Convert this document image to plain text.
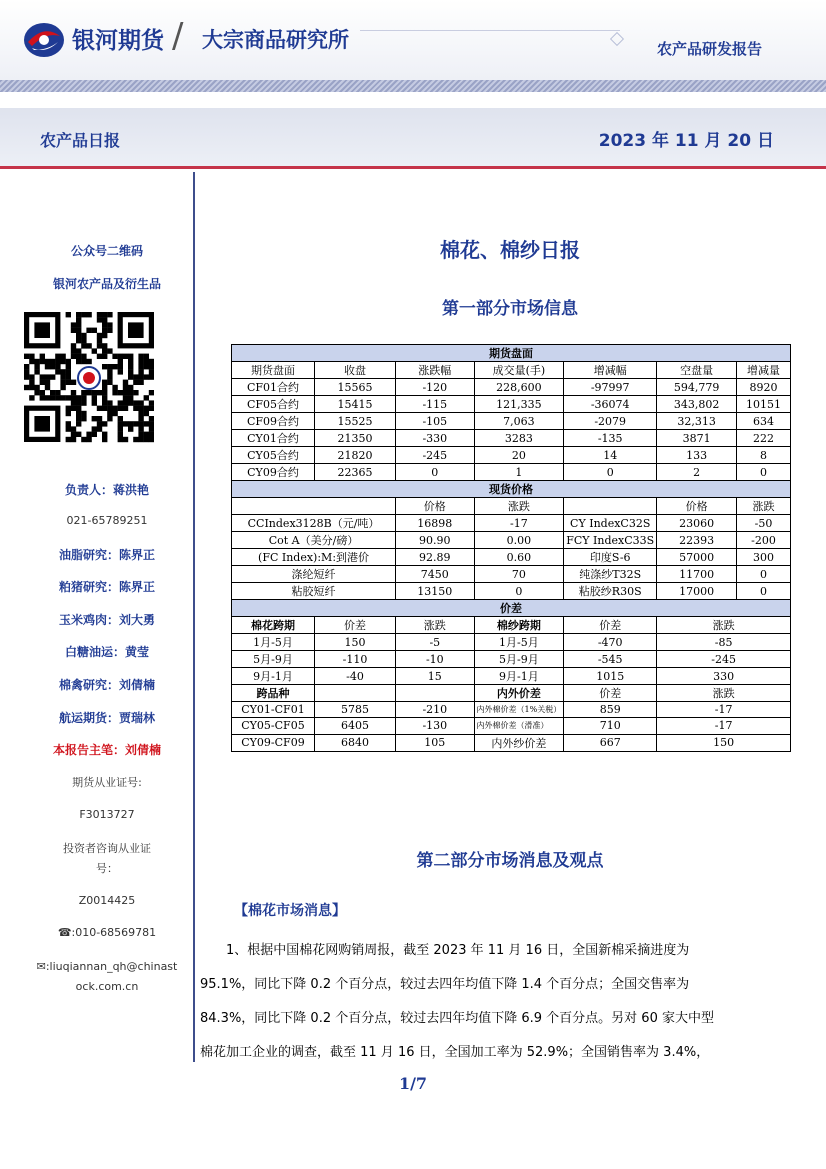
银河期货 / 大宗商品研究所	农产品研发报告
农产品日报	2023 年 11 月 20 日
公众号二维码
银河农产品及衍生品
负责人：蒋洪艳
021-65789251
油脂研究：陈界正
粕猪研究：陈界正
玉米鸡肉：刘大勇
白糖油运：黄莹
棉禽研究：刘倩楠
航运期货：贾瑞林
本报告主笔：刘倩楠
期货从业证号:
F3013727
投资者咨询从业证
号：
Z0014425
☎:010-68569781
✉:liuqiannan_qh@chinast
ock.com.cn
棉花、棉纱日报
第一部分市场信息
期货盘面						
期货盘面	收盘	涨跌幅	成交量(手)	增减幅	空盘量	增减量
CF01合约	15565	-120	228,600	-97997	594,779	8920
CF05合约	15415	-115	121,335	-36074	343,802	10151
CF09合约	15525	-105	7,063	-2079	32,313	634
CY01合约	21350	-330	3283	-135	3871	222
CY05合约	21820	-245	20	14	133	8
CY09合约	22365	0	1	0	2	0
现货价格						
		价格	涨跌		价格	涨跌
CCIndex3128B（元/吨）		16898	-17	CY IndexC32S	23060	-50
Cot A（美分/磅）		90.90	0.00	FCY IndexC33S	22393	-200
(FC Index):M:到港价		92.89	0.60	印度S-6	57000	300
涤纶短纤		7450	70	纯涤纱T32S	11700	0
粘胶短纤		13150	0	粘胶纱R30S	17000	0
价差						
棉花跨期	价差	涨跌	棉纱跨期	价差	涨跌	
1月-5月	150	-5	1月-5月	-470	-85	
5月-9月	-110	-10	5月-9月	-545	-245	
9月-1月	-40	15	9月-1月	1015	330	
跨品种			内外价差	价差	涨跌	
CY01-CF01	5785	-210	内外棉价差（1%关税）	859	-17	
CY05-CF05	6405	-130	内外棉价差（滑准）	710	-17	
CY09-CF09	6840	105	内外纱价差	667	150	
第二部分市场消息及观点
【棉花市场消息】
1、根据中国棉花网购销周报，截至 2023 年 11 月 16 日，全国新棉采摘进度为
95.1%，同比下降 0.2 个百分点，较过去四年均值下降 1.4 个百分点；全国交售率为
84.3%，同比下降 0.2 个百分点，较过去四年均值下降 6.9 个百分点。另对 60 家大中型
棉花加工企业的调查，截至 11 月 16 日，全国加工率为 52.9%；全国销售率为 3.4%，
1/7
